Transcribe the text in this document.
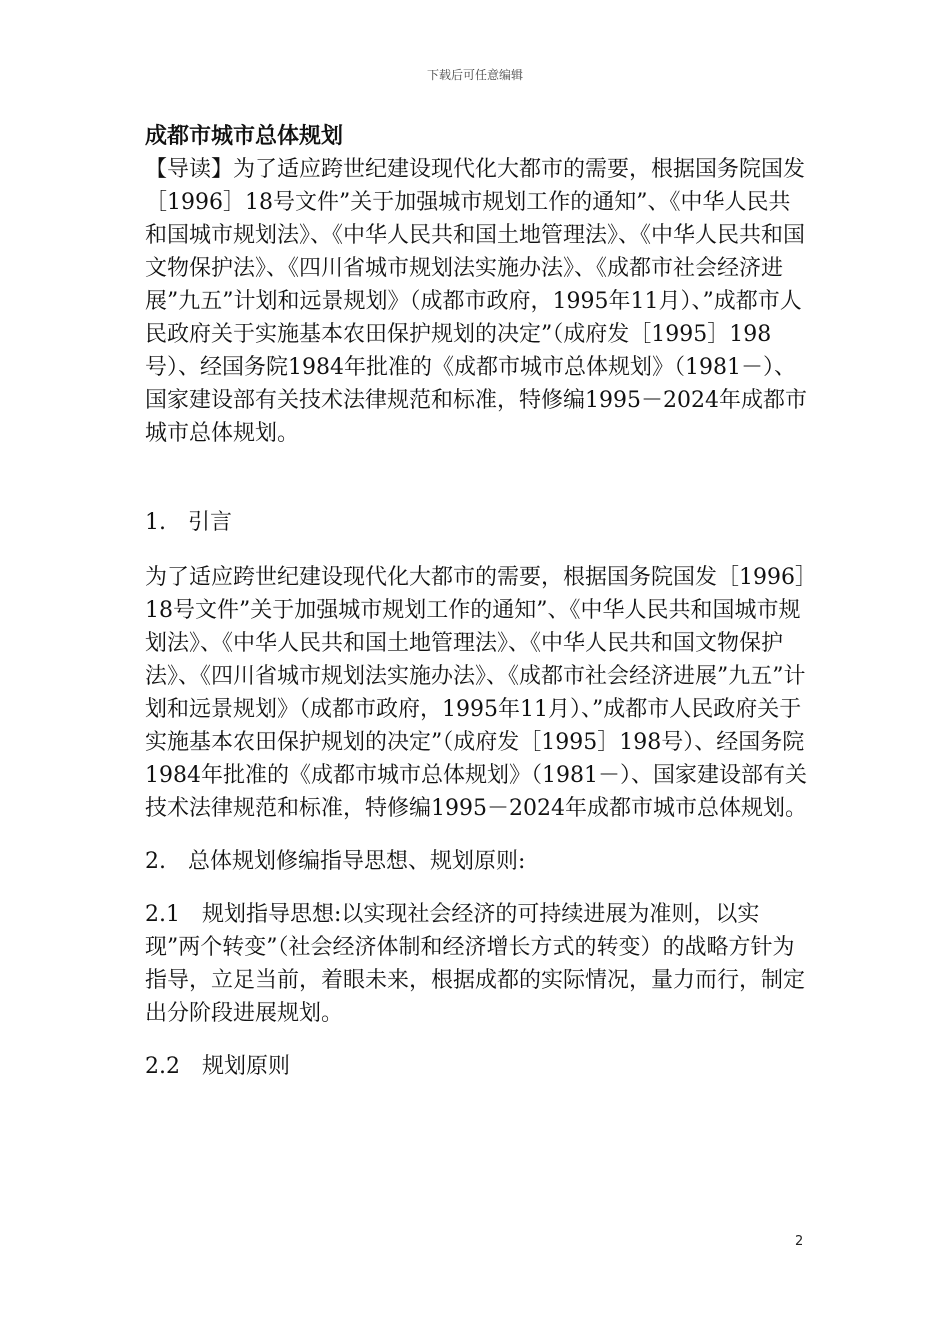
下载后可任意编辑
成都市城市总体规划

【导读】为了适应跨世纪建设现代化大都市的需要，根据国务院国发［1996］18号文件”关于加强城市规划工作的通知”、《中华人民共和国城市规划法》、《中华人民共和国土地管理法》、《中华人民共和国文物保护法》、《四川省城市规划法实施办法》、《成都市社会经济进展”九五”计划和远景规划》（成都市政府，1995年11月）、”成都市人民政府关于实施基本农田保护规划的决定”（成府发［1995］198号）、经国务院1984年批准的《成都市城市总体规划》（1981－）、国家建设部有关技术法律规范和标准，特修编1995－2024年成都市城市总体规划。

1.　引言

为了适应跨世纪建设现代化大都市的需要，根据国务院国发［1996］18号文件”关于加强城市规划工作的通知”、《中华人民共和国城市规划法》、《中华人民共和国土地管理法》、《中华人民共和国文物保护法》、《四川省城市规划法实施办法》、《成都市社会经济进展”九五”计划和远景规划》（成都市政府，1995年11月）、”成都市人民政府关于实施基本农田保护规划的决定”（成府发［1995］198号）、经国务院1984年批准的《成都市城市总体规划》（1981－）、国家建设部有关技术法律规范和标准，特修编1995－2024年成都市城市总体规划。

2.　总体规划修编指导思想、规划原则:

2.1　规划指导思想:以实现社会经济的可持续进展为准则，以实现”两个转变”（社会经济体制和经济增长方式的转变）的战略方针为指导，立足当前，着眼未来，根据成都的实际情况，量力而行，制定出分阶段进展规划。

2.2　规划原则

2
